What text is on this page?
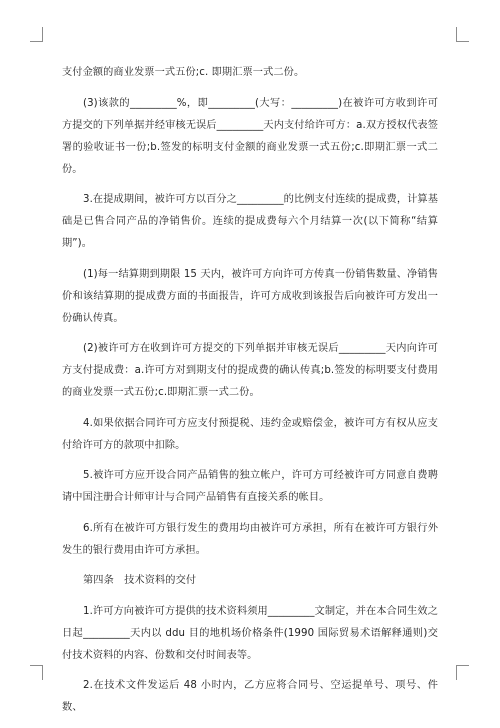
支付金额的商业发票一式五份;c. 即期汇票一式二份。

(3)该款的_________%，即_________(大写：_________)在被许可方收到许可方提交的下列单据并经审核无误后_________天内支付给许可方：a.双方授权代表签署的验收证书一份;b.签发的标明支付金额的商业发票一式五份;c.即期汇票一式二份。

3.在提成期间，被许可方以百分之_________的比例支付连续的提成费，计算基础是已售合同产品的净销售价。连续的提成费每六个月结算一次(以下简称“结算期”)。

(1)每一结算期到期限 15 天内，被许可方向许可方传真一份销售数量、净销售价和该结算期的提成费方面的书面报告，许可方成收到该报告后向被许可方发出一份确认传真。

(2)被许可方在收到许可方提交的下列单据并审核无误后_________天内向许可方支付提成费：a.许可方对到期支付的提成费的确认传真;b.签发的标明要支付费用的商业发票一式五份;c.即期汇票一式二份。

4.如果依据合同许可方应支付预提税、违约金或赔偿金，被许可方有权从应支付给许可方的款项中扣除。

5.被许可方应开设合同产品销售的独立帐户，许可方可经被许可方同意自费聘请中国注册合计师审计与合同产品销售有直接关系的帐目。

6.所有在被许可方银行发生的费用均由被许可方承担，所有在被许可方银行外发生的银行费用由许可方承担。

第四条　技术资料的交付

1.许可方向被许可方提供的技术资料须用_________文制定，并在本合同生效之日起_________天内以 ddu 目的地机场价格条件(1990 国际贸易术语解释通则)交付技术资料的内容、份数和交付时间表等。

2.在技术文件发运后 48 小时内，乙方应将合同号、空运提单号、项号、件数、
